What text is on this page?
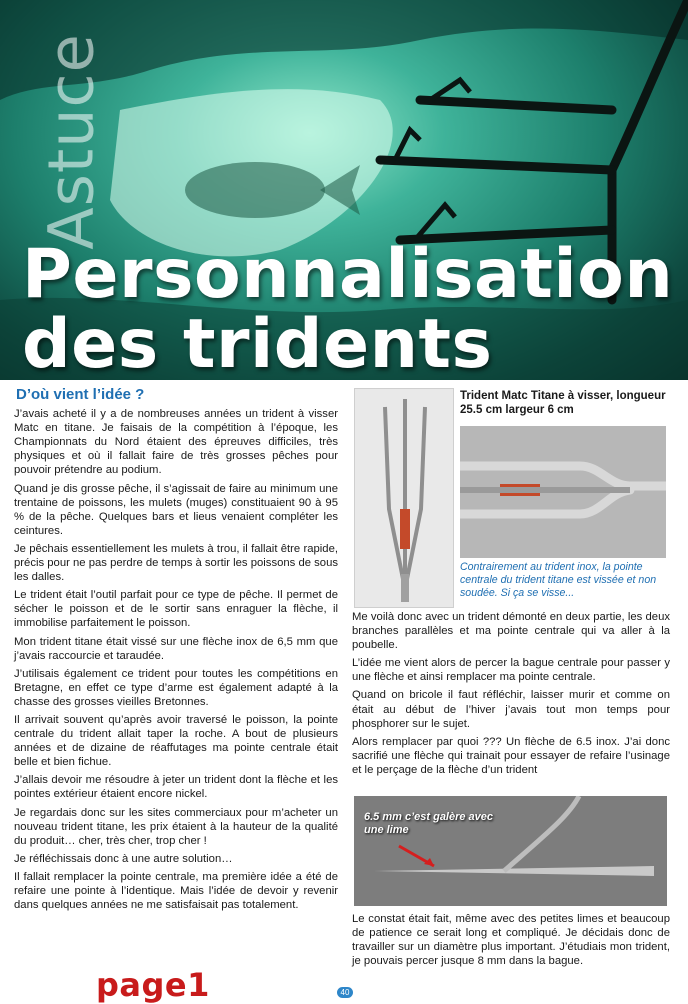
Astuce
Personnalisation
des tridents
D’où vient l’idée ?

J’avais acheté il y a de nombreuses années un trident à visser Matc en titane. Je faisais de la compétition à l’époque, les Championnats du Nord étaient des épreuves difficiles, très physiques et où il fallait faire de très grosses pêches pour pouvoir prétendre au podium.

Quand je dis grosse pêche, il s’agissait de faire au minimum une trentaine de poissons, les mulets (muges) constituaient 90 à 95 % de la pêche. Quelques bars et lieus venaient compléter les ceintures.

Je pêchais essentiellement les mulets à trou, il fallait être rapide, précis pour ne pas perdre de temps à sortir les poissons de sous les dalles.

Le trident était l’outil parfait pour ce type de pêche. Il permet de sécher le poisson et de le sortir sans enraguer la flèche, il immobilise parfaitement le poisson.

Mon trident titane était vissé sur une flèche inox de 6,5 mm que j’avais raccourcie et taraudée.

J’utilisais également ce trident pour toutes les compétitions en Bretagne, en effet ce type d’arme est également adapté à la chasse des grosses vieilles Bretonnes.

Il arrivait souvent qu’après avoir traversé le poisson, la pointe centrale du trident allait taper la roche. A bout de plusieurs années et de dizaine de réaffutages ma pointe centrale était belle et bien fichue.

J’allais devoir me résoudre à jeter un trident dont la flèche et les pointes extérieur étaient encore nickel.

Je regardais donc sur les sites commerciaux pour m’acheter un nouveau trident titane, les prix étaient à la hauteur de la qualité du produit… cher, très cher, trop cher !

Je réfléchissais donc à une autre solution…

Il fallait remplacer la pointe centrale, ma première idée a été de refaire une pointe à l’identique. Mais l’idée de devoir y revenir dans quelques années ne me satisfaisait pas totalement.

Trident Matc Titane à visser, longueur 25.5 cm largeur 6 cm
Contrairement au trident inox, la pointe centrale du trident titane est vissée et non soudée. Si ça se visse...

Me voilà donc avec un trident démonté en deux partie, les deux branches parallèles et ma pointe centrale qui va aller à la poubelle.

L’idée me vient alors de percer la bague centrale pour passer y une flèche et ainsi remplacer ma pointe centrale.

Quand on bricole il faut réfléchir, laisser murir et comme on était au début de l’hiver j’avais tout mon temps pour phosphorer sur le sujet.

Alors remplacer par quoi ??? Un flèche de 6.5 inox. J’ai donc sacrifié une flèche qui trainait pour essayer de refaire l’usinage et le perçage de la flèche d’un trident

6.5 mm c’est galère avec une lime

Le constat était fait, même avec des petites limes et beaucoup de patience ce serait long et compliqué. Je décidais donc de travailler sur un diamètre plus important. J’étudiais mon trident, je pouvais percer jusque 8 mm dans la bague.

page1	40
